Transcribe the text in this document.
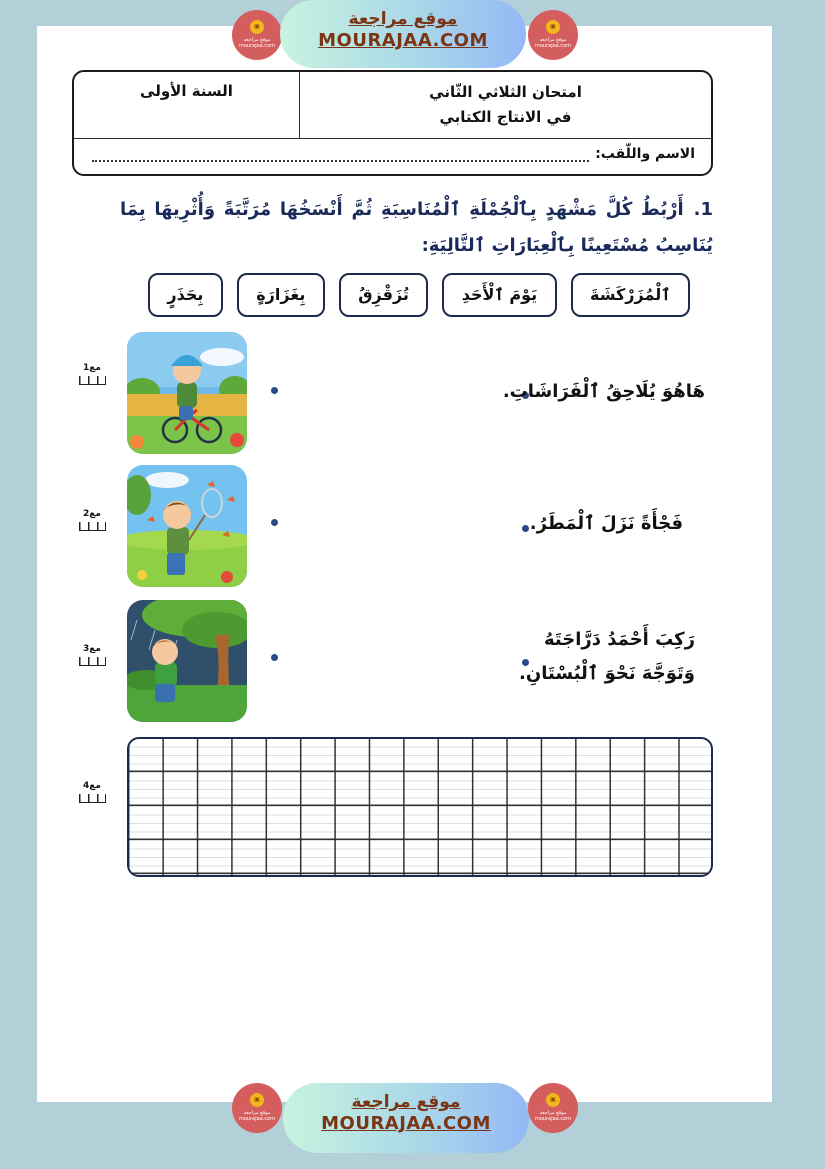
▣
موقع مراجعة mourajaa.com
موقع مراجعة
MOURAJAA.COM
▣
موقع مراجعة mourajaa.com
امتحان الثلاثي الثّاني
في الانتاج الكتابي
السنة الأولى
الاسم واللّقب:
1.أَرْبُطُ كُلَّ مَشْهَدٍ بِٱلْجُمْلَةِ ٱلْمُنَاسِبَةِ ثُمَّ أَنْسَخُهَا مُرَتَّبَةً وَأُثْرِيهَا بِمَا يُنَاسِبُ مُسْتَعِينًا بِٱلْعِبَارَاتِ ٱلتَّالِيَةِ:
ٱلْمُزَرْكَشَةَ
يَوْمَ ٱلْأَحَدِ
تُزَقْزِقُ
بِغَزَارَةٍ
بِحَذَرٍ
مع1
هَاهُوَ يُلَاحِقُ ٱلْفَرَاشَاتِ.
مع2	فَجْأَةً نَزَلَ ٱلْمَطَرُ.
مع3	رَكِبَ أَحْمَدُ دَرَّاجَتَهُ
وَتَوَجَّهَ نَحْوَ ٱلْبُسْتَانِ.
مع4
▣
موقع مراجعة mourajaa.com
موقع مراجعة
MOURAJAA.COM
▣
موقع مراجعة mourajaa.com
